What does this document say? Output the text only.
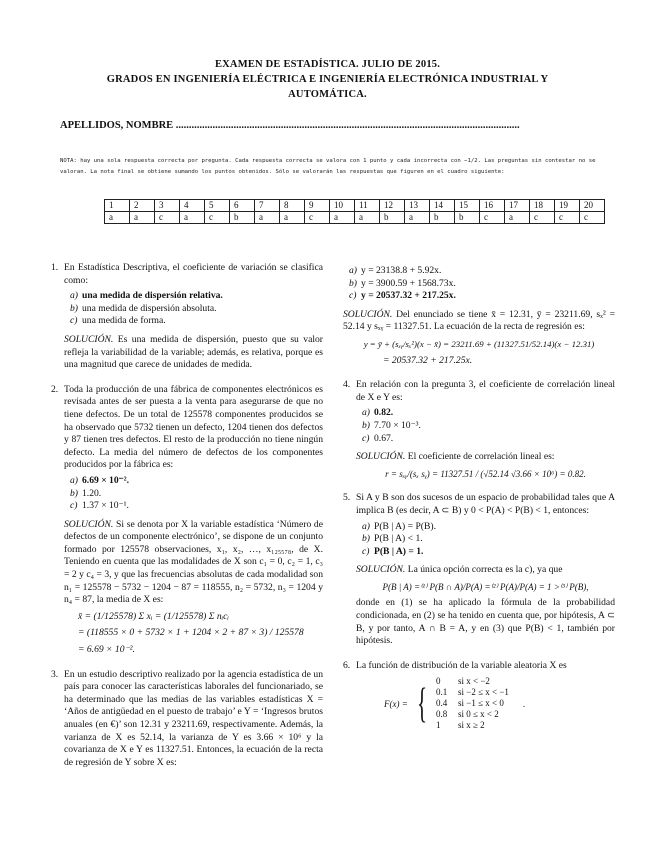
EXAMEN DE ESTADÍSTICA. JULIO DE 2015.
GRADOS EN INGENIERÍA ELÉCTRICA E INGENIERÍA ELECTRÓNICA INDUSTRIAL Y
AUTOMÁTICA.
APELLIDOS, NOMBRE ...................................................................................................................................
NOTA: hay una sola respuesta correcta por pregunta. Cada respuesta correcta se valora con 1 punto y cada incorrecta con −1/2. Las preguntas sin contestar no se valoran. La nota final se obtiene sumando los puntos obtenidos. Sólo se valorarán las respuestas que figuren en el cuadro siguiente:
1	2	3	4	5	6	7	8	9	10	11	12	13	14	15	16	17	18	19	20
a	a	c	a	c	b	a	a	c	a	a	b	a	b	b	c	a	c	c	c
1. En Estadística Descriptiva, el coeficiente de variación se clasifica como:
a) una medida de dispersión relativa.
b) una medida de dispersión absoluta.
c) una medida de forma.
SOLUCIÓN. Es una medida de dispersión, puesto que su valor refleja la variabilidad de la variable; además, es relativa, porque es una magnitud que carece de unidades de medida.
2. Toda la producción de una fábrica de componentes electrónicos es revisada antes de ser puesta a la venta para asegurarse de que no tiene defectos. De un total de 125578 componentes producidos se ha observado que 5732 tienen un defecto, 1204 tienen dos defectos y 87 tienen tres defectos. El resto de la producción no tiene ningún defecto. La media del número de defectos de los componentes producidos por la fábrica es:
a) 6.69 × 10⁻².
b) 1.20.
c) 1.37 × 10⁻¹.
SOLUCIÓN. Si se denota por X la variable estadística ‘Número de defectos de un componente electrónico’, se dispone de un conjunto formado por 125578 observaciones, x₁, x₂, …, x₁₂₅₅₇₈, de X. Teniendo en cuenta que las modalidades de X son c₁ = 0, c₂ = 1, c₃ = 2 y c₄ = 3, y que las frecuencias absolutas de cada modalidad son n₁ = 125578 − 5732 − 1204 − 87 = 118555, n₂ = 5732, n₃ = 1204 y n₄ = 87, la media de X es:
x̄ = (1/125578) Σ xᵢ = (1/125578) Σ nᵢcᵢ
= (118555 × 0 + 5732 × 1 + 1204 × 2 + 87 × 3) / 125578
= 6.69 × 10⁻².
3. En un estudio descriptivo realizado por la agencia estadística de un país para conocer las características laborales del funcionariado, se ha determinado que las medias de las variables estadísticas X = ‘Años de antigüedad en el puesto de trabajo’ e Y = ‘Ingresos brutos anuales (en €)’ son 12.31 y 23211.69, respectivamente. Además, la varianza de X es 52.14, la varianza de Y es 3.66 × 10⁶ y la covarianza de X e Y es 11327.51. Entonces, la ecuación de la recta de regresión de Y sobre X es:
a) y = 23138.8 + 5.92x.
b) y = 3900.59 + 1568.73x.
c) y = 20537.32 + 217.25x.
SOLUCIÓN. Del enunciado se tiene x̄ = 12.31, ȳ = 23211.69, sₓ² = 52.14 y sₓᵧ = 11327.51. La ecuación de la recta de regresión es:
y = ȳ + (sₓᵧ/sₓ²)(x − x̄) = 23211.69 + (11327.51/52.14)(x − 12.31)
= 20537.32 + 217.25x.
4. En relación con la pregunta 3, el coeficiente de correlación lineal de X e Y es:
a) 0.82.
b) 7.70 × 10⁻³.
c) 0.67.
SOLUCIÓN. El coeficiente de correlación lineal es:
r = sₓᵧ/(sₓ sᵧ) = 11327.51 / (√52.14 √3.66 × 10⁶) = 0.82.
5. Si A y B son dos sucesos de un espacio de probabilidad tales que A implica B (es decir, A ⊂ B) y 0 < P(A) < P(B) < 1, entonces:
a) P(B | A) = P(B).
b) P(B | A) < 1.
c) P(B | A) = 1.
SOLUCIÓN. La única opción correcta es la c), ya que
P(B | A) =⁽¹⁾ P(B ∩ A)/P(A) =⁽²⁾ P(A)/P(A) = 1 >⁽³⁾ P(B),
donde en (1) se ha aplicado la fórmula de la probabilidad condicionada, en (2) se ha tenido en cuenta que, por hipótesis, A ⊂ B, y por tanto, A ∩ B = A, y en (3) que P(B) < 1, también por hipótesis.
6. La función de distribución de la variable aleatoria X es
F(x) = { 0 si x < −2
0.1 si −2 ≤ x < −1
0.4 si −1 ≤ x < 0
0.8 si 0 ≤ x < 2
1 si x ≥ 2
.
